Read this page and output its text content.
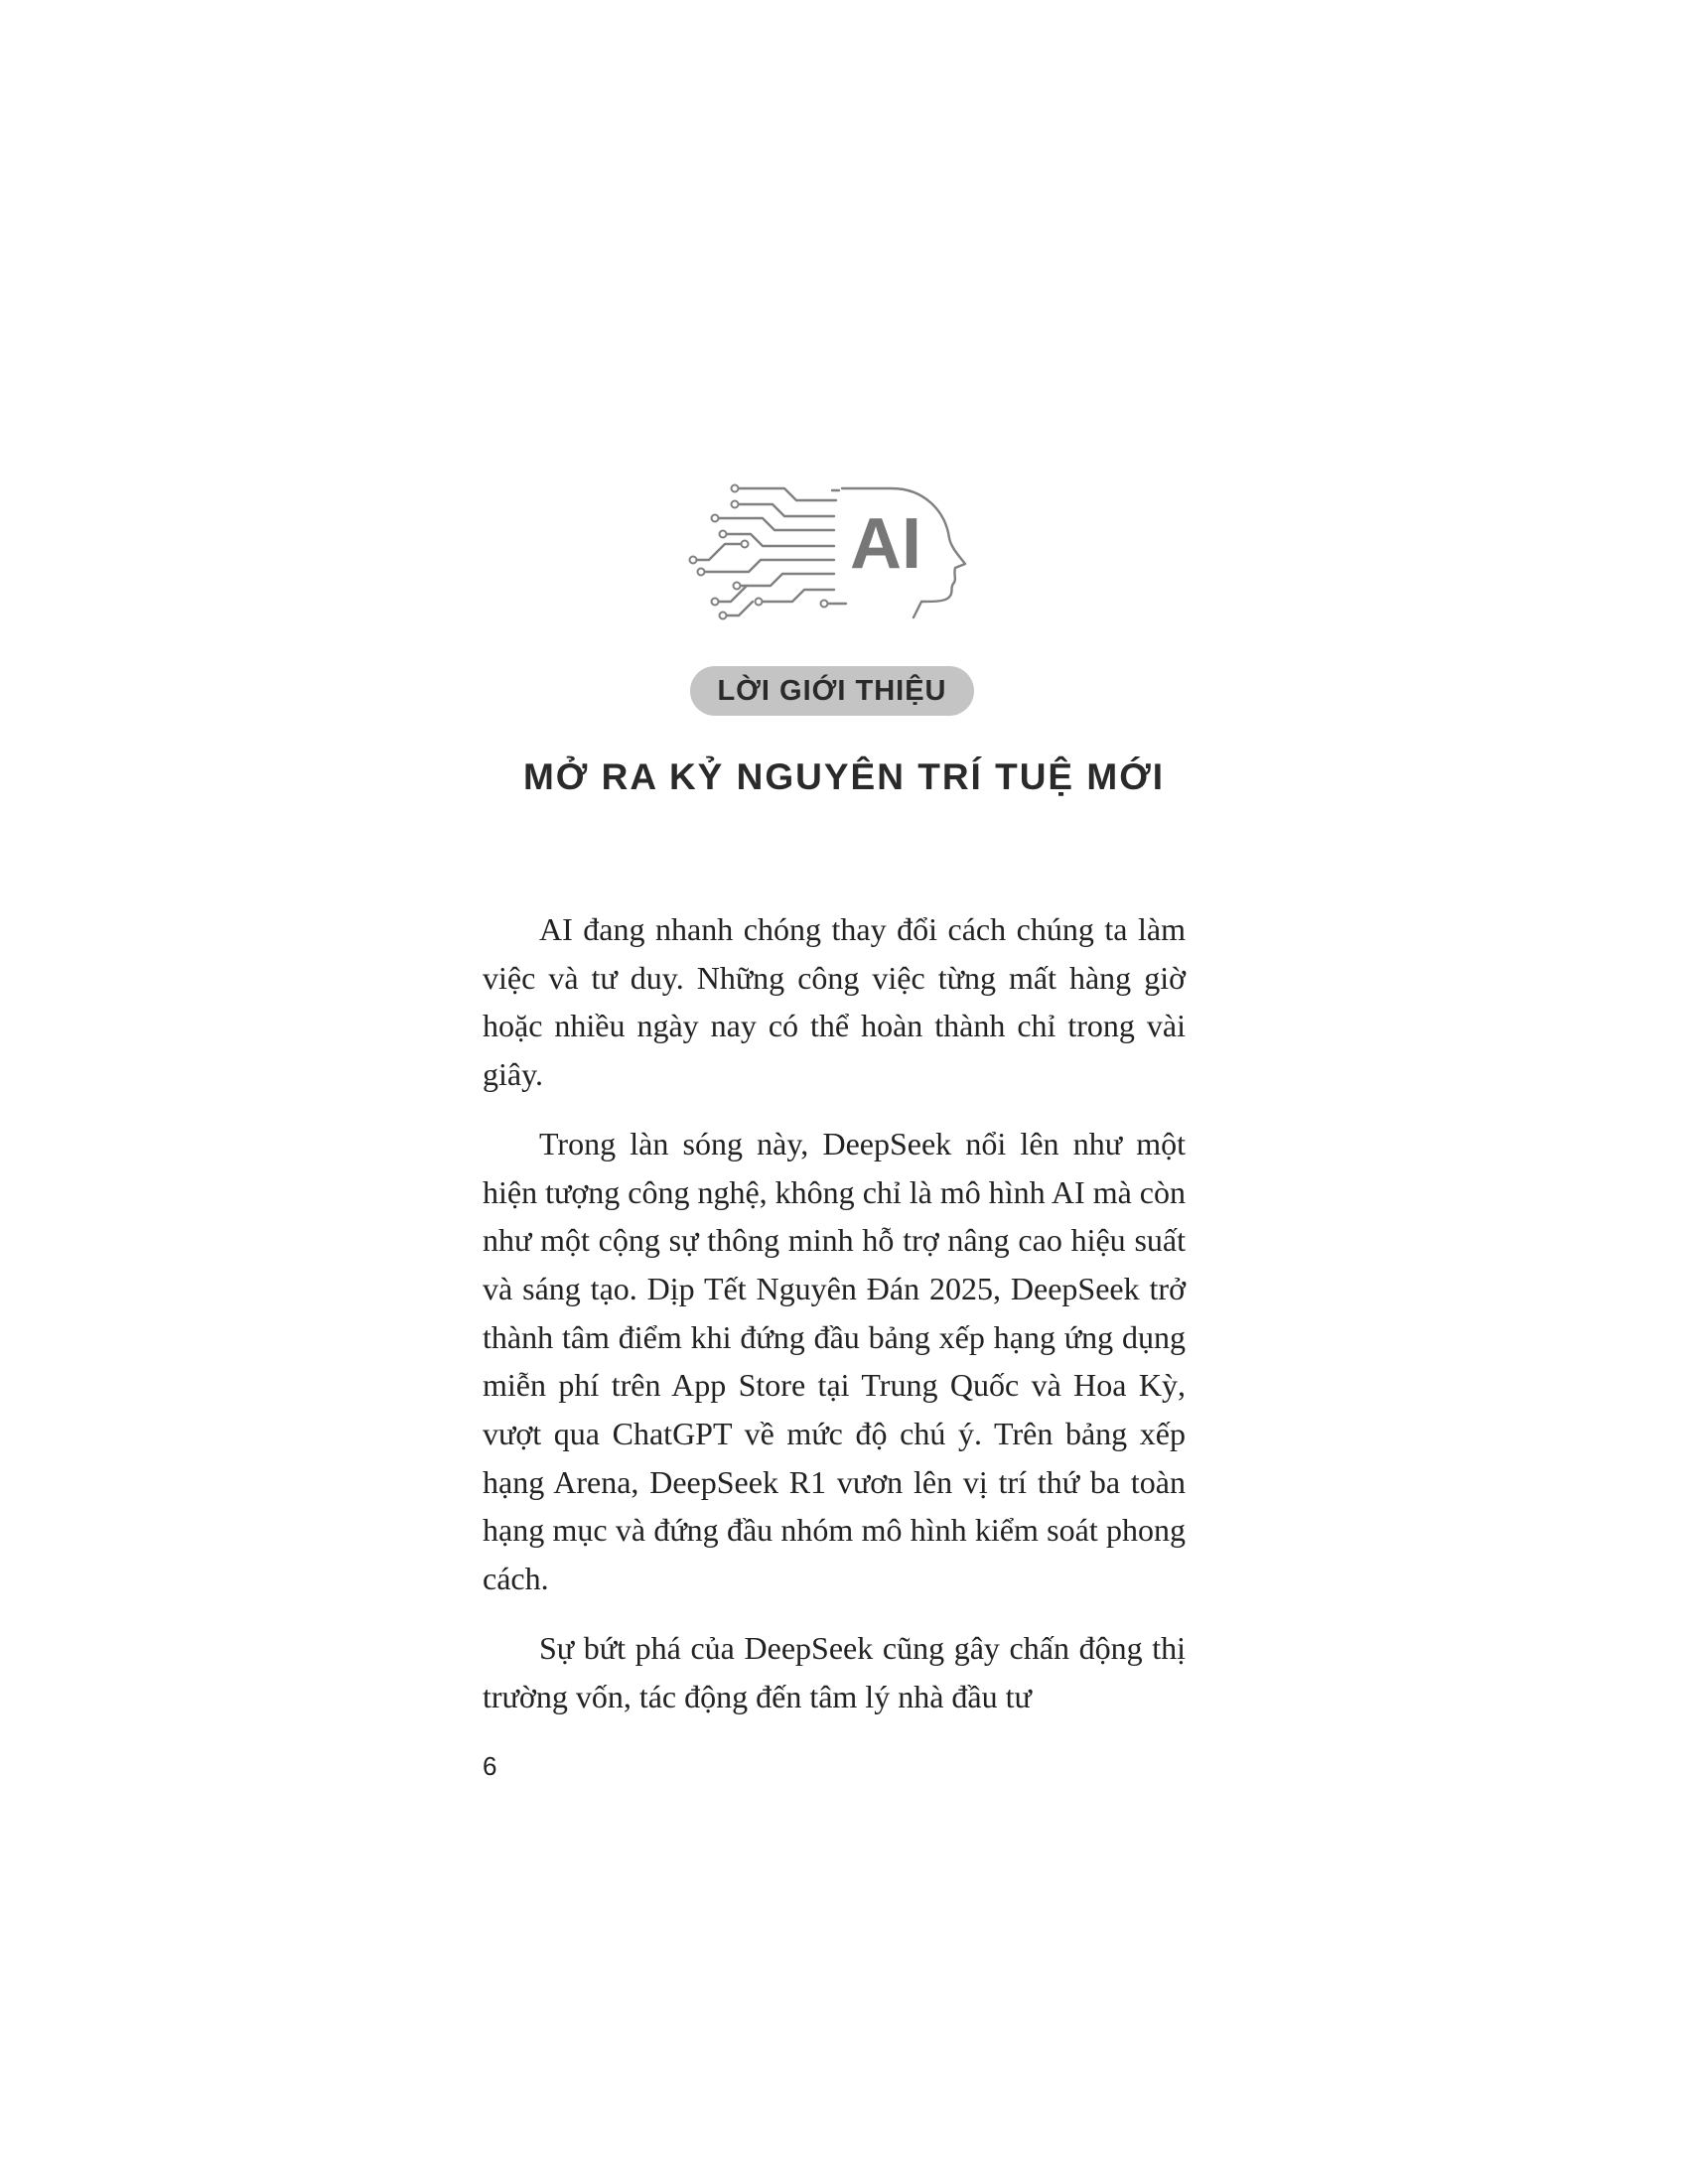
AI
LỜI GIỚI THIỆU
MỞ RA KỶ NGUYÊN TRÍ TUỆ MỚI

AI đang nhanh chóng thay đổi cách chúng ta làm việc và tư duy. Những công việc từng mất hàng giờ hoặc nhiều ngày nay có thể hoàn thành chỉ trong vài giây.

Trong làn sóng này, DeepSeek nổi lên như một hiện tượng công nghệ, không chỉ là mô hình AI mà còn như một cộng sự thông minh hỗ trợ nâng cao hiệu suất và sáng tạo. Dịp Tết Nguyên Đán 2025, DeepSeek trở thành tâm điểm khi đứng đầu bảng xếp hạng ứng dụng miễn phí trên App Store tại Trung Quốc và Hoa Kỳ, vượt qua ChatGPT về mức độ chú ý. Trên bảng xếp hạng Arena, DeepSeek R1 vươn lên vị trí thứ ba toàn hạng mục và đứng đầu nhóm mô hình kiểm soát phong cách.

Sự bứt phá của DeepSeek cũng gây chấn động thị trường vốn, tác động đến tâm lý nhà đầu tư

6
